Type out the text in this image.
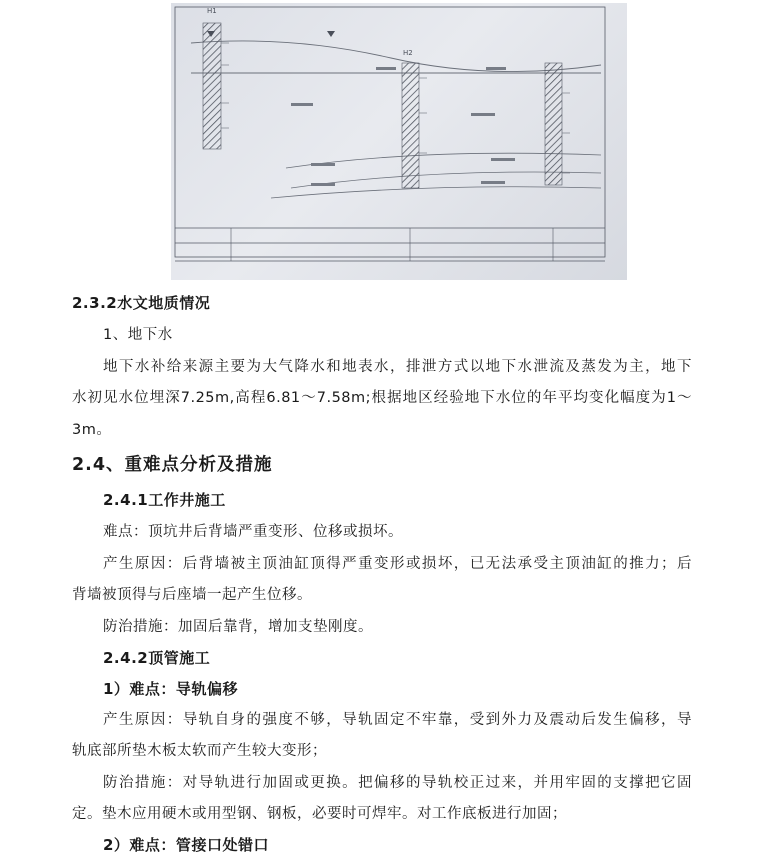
H1
H2
2.3.2水文地质情况
1、地下水
地下水补给来源主要为大气降水和地表水，排泄方式以地下水泄流及蒸发为主，地下
水初见水位埋深7.25m,高程6.81～7.58m;根据地区经验地下水位的年平均变化幅度为1～
3m。
2.4、重难点分析及措施
2.4.1工作井施工
难点：顶坑井后背墙严重变形、位移或损坏。
产生原因：后背墙被主顶油缸顶得严重变形或损坏，已无法承受主顶油缸的推力；后
背墙被顶得与后座墙一起产生位移。
防治措施：加固后靠背，增加支垫刚度。
2.4.2顶管施工
1）难点：导轨偏移
产生原因：导轨自身的强度不够，导轨固定不牢靠，受到外力及震动后发生偏移，导
轨底部所垫木板太软而产生较大变形；
防治措施：对导轨进行加固或更换。把偏移的导轨校正过来，并用牢固的支撑把它固
定。垫木应用硬木或用型钢、钢板，必要时可焊牢。对工作底板进行加固；
2）难点：管接口处错口
